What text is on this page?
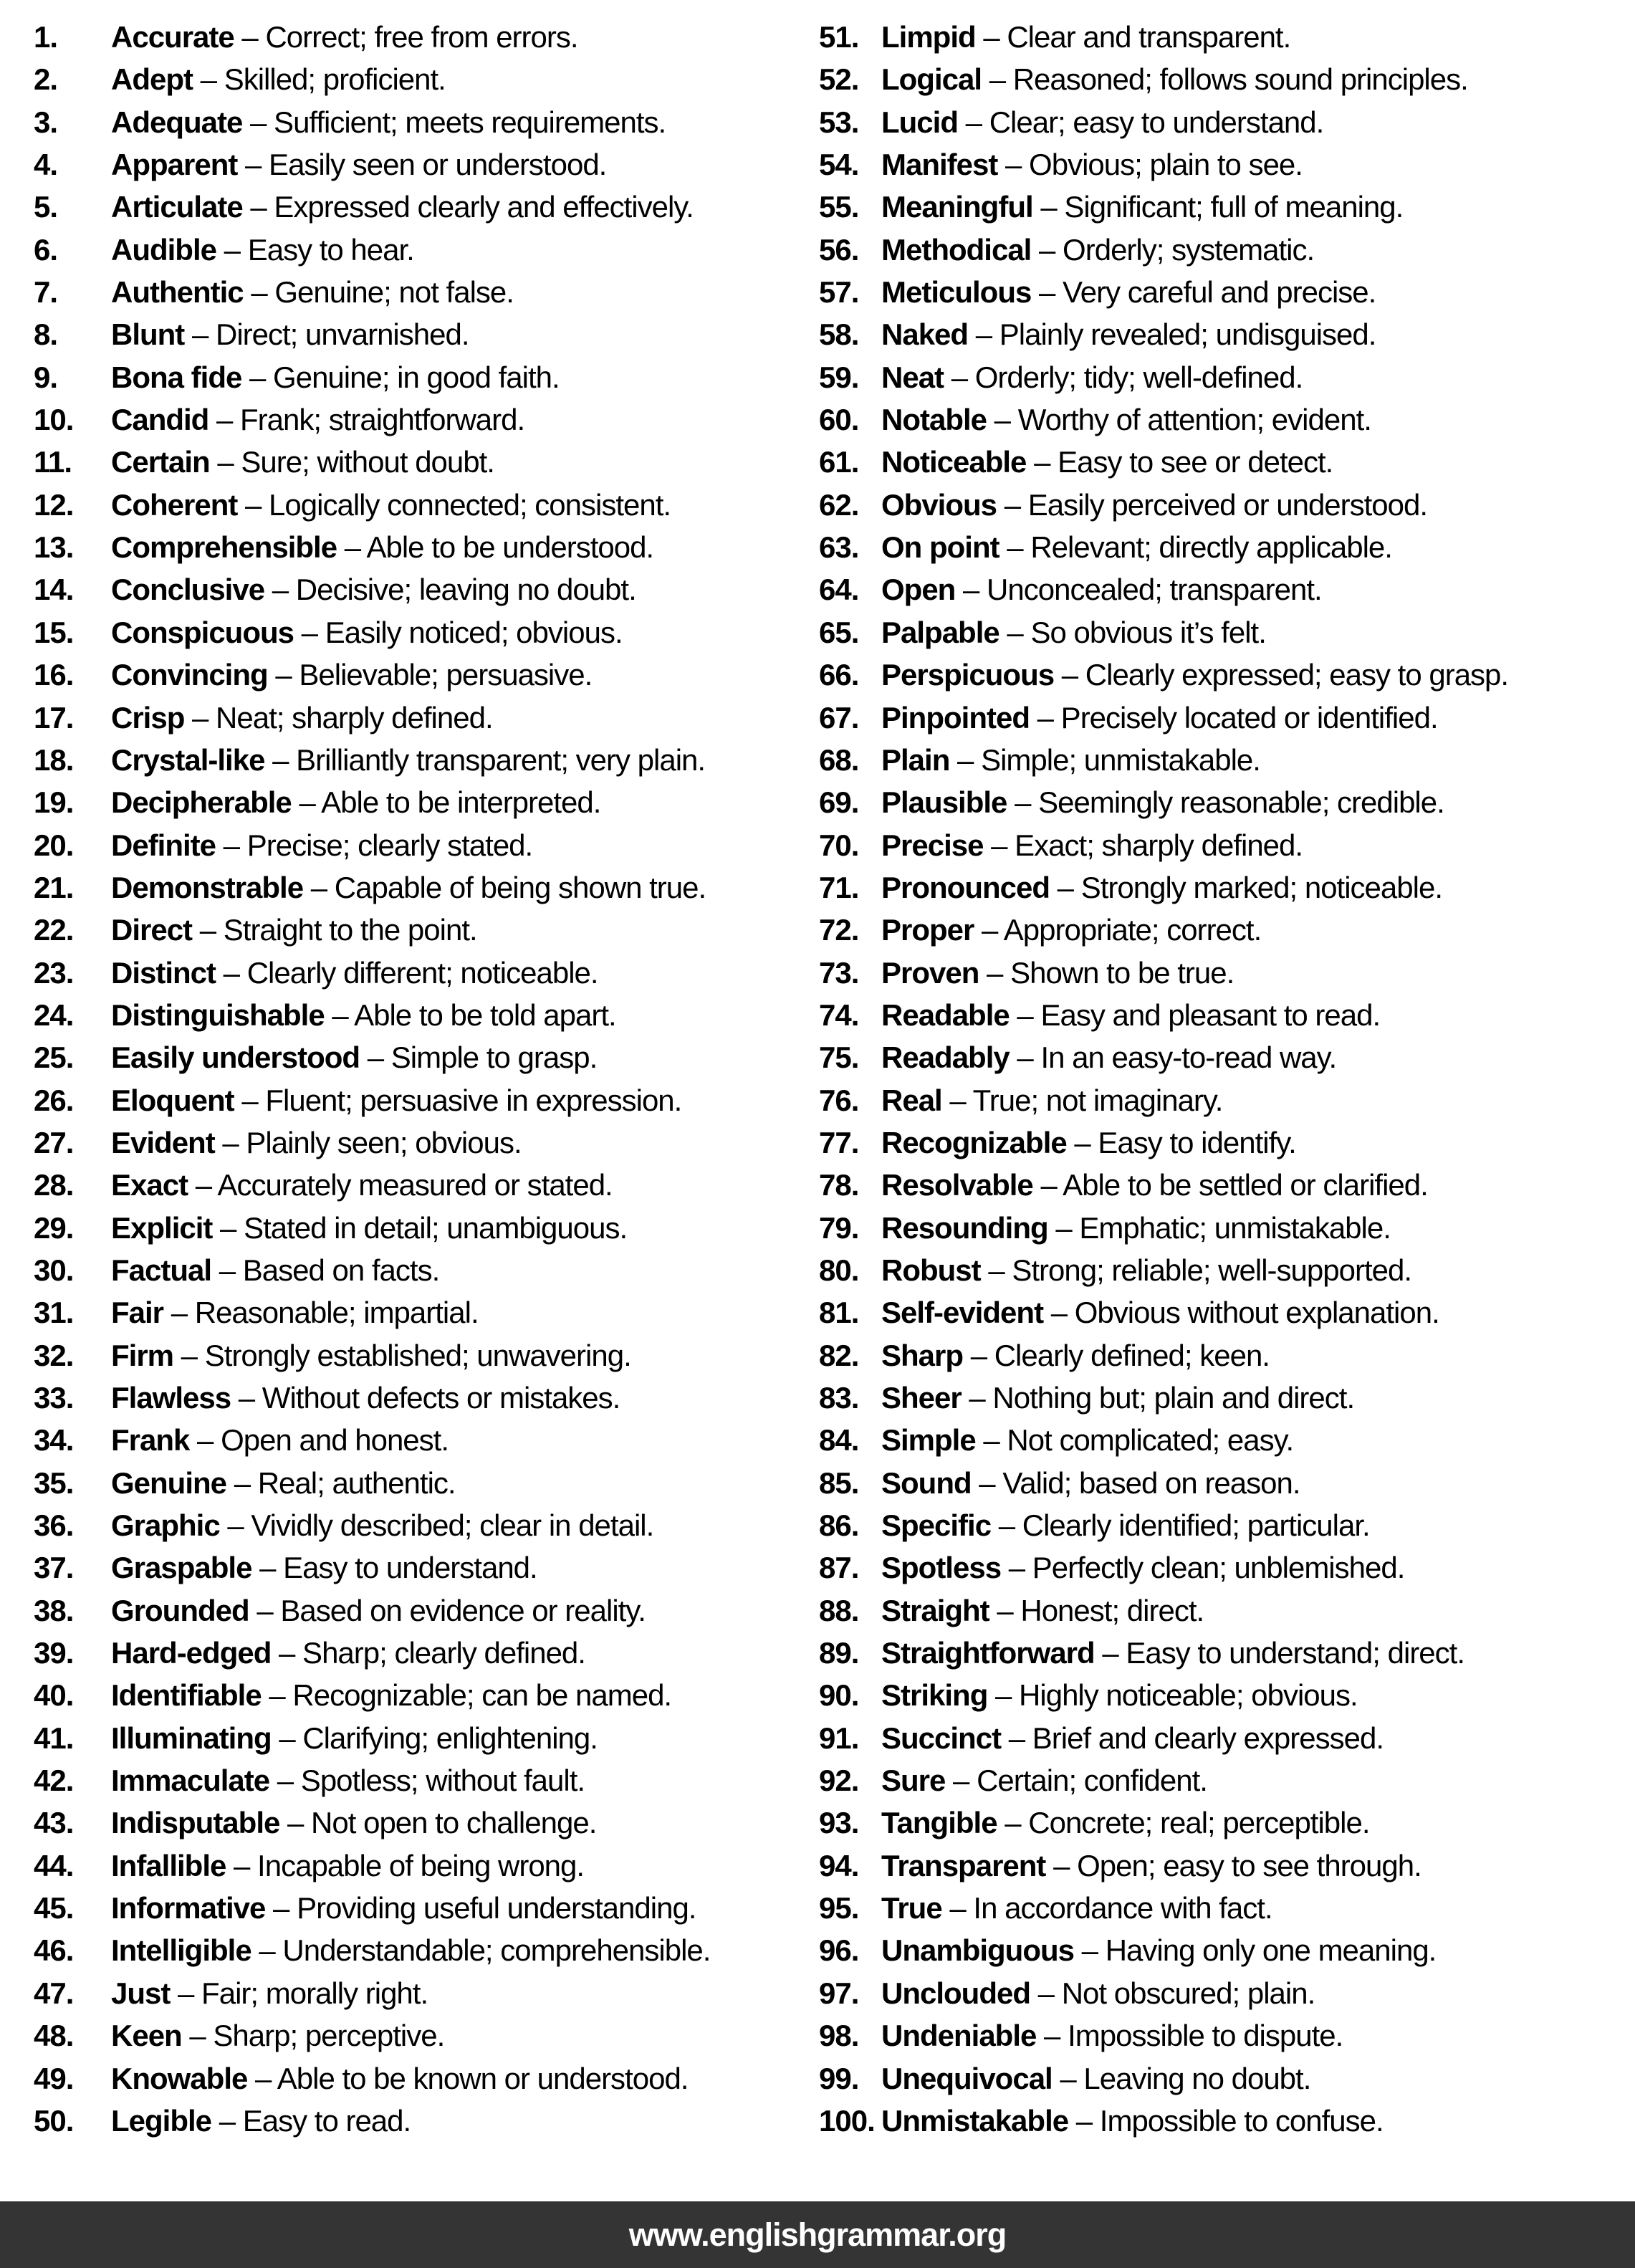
1.	Accurate – Correct; free from errors.
2.	Adept – Skilled; proficient.
3.	Adequate – Sufficient; meets requirements.
4.	Apparent – Easily seen or understood.
5.	Articulate – Expressed clearly and effectively.
6.	Audible – Easy to hear.
7.	Authentic – Genuine; not false.
8.	Blunt – Direct; unvarnished.
9.	Bona fide – Genuine; in good faith.
10.	Candid – Frank; straightforward.
11.	Certain – Sure; without doubt.
12.	Coherent – Logically connected; consistent.
13.	Comprehensible – Able to be understood.
14.	Conclusive – Decisive; leaving no doubt.
15.	Conspicuous – Easily noticed; obvious.
16.	Convincing – Believable; persuasive.
17.	Crisp – Neat; sharply defined.
18.	Crystal-like – Brilliantly transparent; very plain.
19.	Decipherable – Able to be interpreted.
20.	Definite – Precise; clearly stated.
21.	Demonstrable – Capable of being shown true.
22.	Direct – Straight to the point.
23.	Distinct – Clearly different; noticeable.
24.	Distinguishable – Able to be told apart.
25.	Easily understood – Simple to grasp.
26.	Eloquent – Fluent; persuasive in expression.
27.	Evident – Plainly seen; obvious.
28.	Exact – Accurately measured or stated.
29.	Explicit – Stated in detail; unambiguous.
30.	Factual – Based on facts.
31.	Fair – Reasonable; impartial.
32.	Firm – Strongly established; unwavering.
33.	Flawless – Without defects or mistakes.
34.	Frank – Open and honest.
35.	Genuine – Real; authentic.
36.	Graphic – Vividly described; clear in detail.
37.	Graspable – Easy to understand.
38.	Grounded – Based on evidence or reality.
39.	Hard-edged – Sharp; clearly defined.
40.	Identifiable – Recognizable; can be named.
41.	Illuminating – Clarifying; enlightening.
42.	Immaculate – Spotless; without fault.
43.	Indisputable – Not open to challenge.
44.	Infallible – Incapable of being wrong.
45.	Informative – Providing useful understanding.
46.	Intelligible – Understandable; comprehensible.
47.	Just – Fair; morally right.
48.	Keen – Sharp; perceptive.
49.	Knowable – Able to be known or understood.
50.	Legible – Easy to read.
51. Limpid – Clear and transparent.
52. Logical – Reasoned; follows sound principles.
53. Lucid – Clear; easy to understand.
54. Manifest – Obvious; plain to see.
55. Meaningful – Significant; full of meaning.
56. Methodical – Orderly; systematic.
57. Meticulous – Very careful and precise.
58. Naked – Plainly revealed; undisguised.
59. Neat – Orderly; tidy; well-defined.
60. Notable – Worthy of attention; evident.
61. Noticeable – Easy to see or detect.
62. Obvious – Easily perceived or understood.
63. On point – Relevant; directly applicable.
64. Open – Unconcealed; transparent.
65. Palpable – So obvious it’s felt.
66. Perspicuous – Clearly expressed; easy to grasp.
67. Pinpointed – Precisely located or identified.
68. Plain – Simple; unmistakable.
69. Plausible – Seemingly reasonable; credible.
70. Precise – Exact; sharply defined.
71. Pronounced – Strongly marked; noticeable.
72. Proper – Appropriate; correct.
73. Proven – Shown to be true.
74. Readable – Easy and pleasant to read.
75. Readably – In an easy-to-read way.
76. Real – True; not imaginary.
77. Recognizable – Easy to identify.
78. Resolvable – Able to be settled or clarified.
79. Resounding – Emphatic; unmistakable.
80. Robust – Strong; reliable; well-supported.
81. Self-evident – Obvious without explanation.
82. Sharp – Clearly defined; keen.
83. Sheer – Nothing but; plain and direct.
84. Simple – Not complicated; easy.
85. Sound – Valid; based on reason.
86. Specific – Clearly identified; particular.
87. Spotless – Perfectly clean; unblemished.
88. Straight – Honest; direct.
89. Straightforward – Easy to understand; direct.
90. Striking – Highly noticeable; obvious.
91. Succinct – Brief and clearly expressed.
92. Sure – Certain; confident.
93. Tangible – Concrete; real; perceptible.
94. Transparent – Open; easy to see through.
95. True – In accordance with fact.
96. Unambiguous – Having only one meaning.
97. Unclouded – Not obscured; plain.
98. Undeniable – Impossible to dispute.
99. Unequivocal – Leaving no doubt.
100. Unmistakable – Impossible to confuse.
www.englishgrammar.org
